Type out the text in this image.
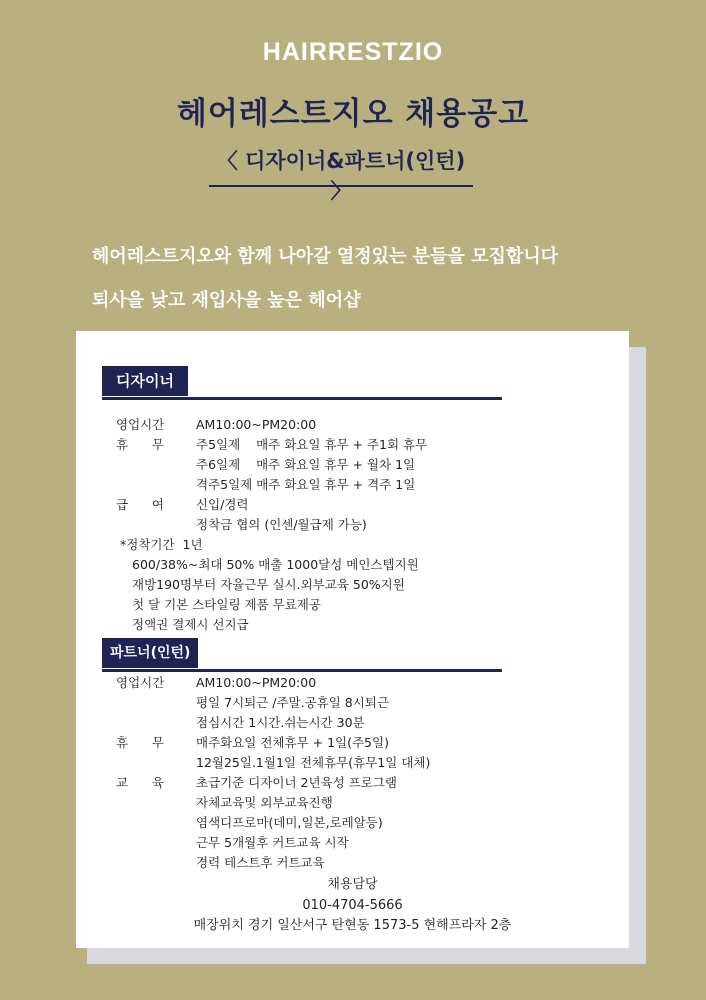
HAIRRESTZIO
헤어레스트지오 채용공고
〈 디자이너&파트너(인턴) 〉
헤어레스트지오와 함께 나아갈 열정있는 분들을 모집합니다
퇴사을 낮고 재입사을 높은 헤어샵
디자이너
영업시간	AM10:00~PM20:00
휴      무	주5일제    매주 화요일 휴무 + 주1회 휴무
주6일제    매주 화요일 휴무 + 월차 1일
격주5일제 매주 화요일 휴무 + 격주 1일
급      여	신입/경력
정착금 협의 (인센/월급제 가능)
*정착기간  1년
600/38%~최대 50% 매출 1000달성 메인스텝지원
재방190명부터 자율근무 실시.외부교육 50%지원
첫 달 기본 스타일링 제품 무료제공
정액권 결제시 선지급
파트너(인턴)
영업시간	AM10:00~PM20:00
평일 7시퇴근 /주말.공휴일 8시퇴근
점심시간 1시간.쉬는시간 30분
휴      무	매주화요일 전체휴무 + 1일(주5일)
12월25일.1월1일 전체휴무(휴무1일 대체)
교      육	초급기준 디자이너 2년육성 프로그램
자체교육및 외부교육진행
염색디프로마(데미,일본,로레알등)
근무 5개월후 커트교육 시작
경력 테스트후 커트교육
채용담당
010-4704-5666
매장위치 경기 일산서구 탄현동 1573-5 현해프라자 2층
